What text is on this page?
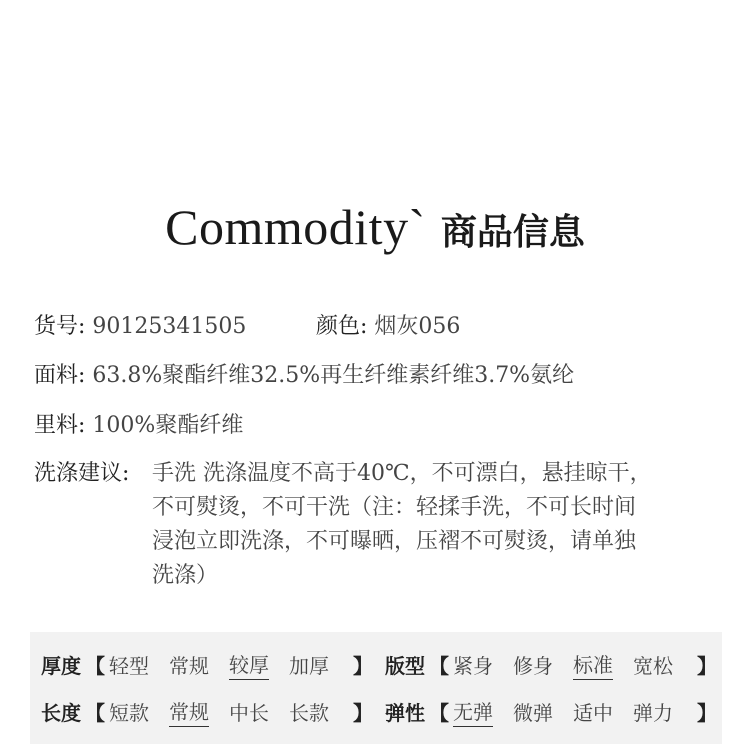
Commodity` 商品信息
货号: 90125341505	颜色: 烟灰056
面料: 63.8%聚酯纤维32.5%再生纤维素纤维3.7%氨纶
里料: 100%聚酯纤维
洗涤建议: 手洗 洗涤温度不高于40℃，不可漂白，悬挂晾干，
不可熨烫，不可干洗（注：轻揉手洗，不可长时间
浸泡立即洗涤，不可曝晒，压褶不可熨烫，请单独
洗涤）
厚度 【 轻型 常规 较厚 加厚 】 版型 【 紧身 修身 标准 宽松 】
长度 【 短款 常规 中长 长款 】 弹性 【 无弹 微弹 适中 弹力 】
